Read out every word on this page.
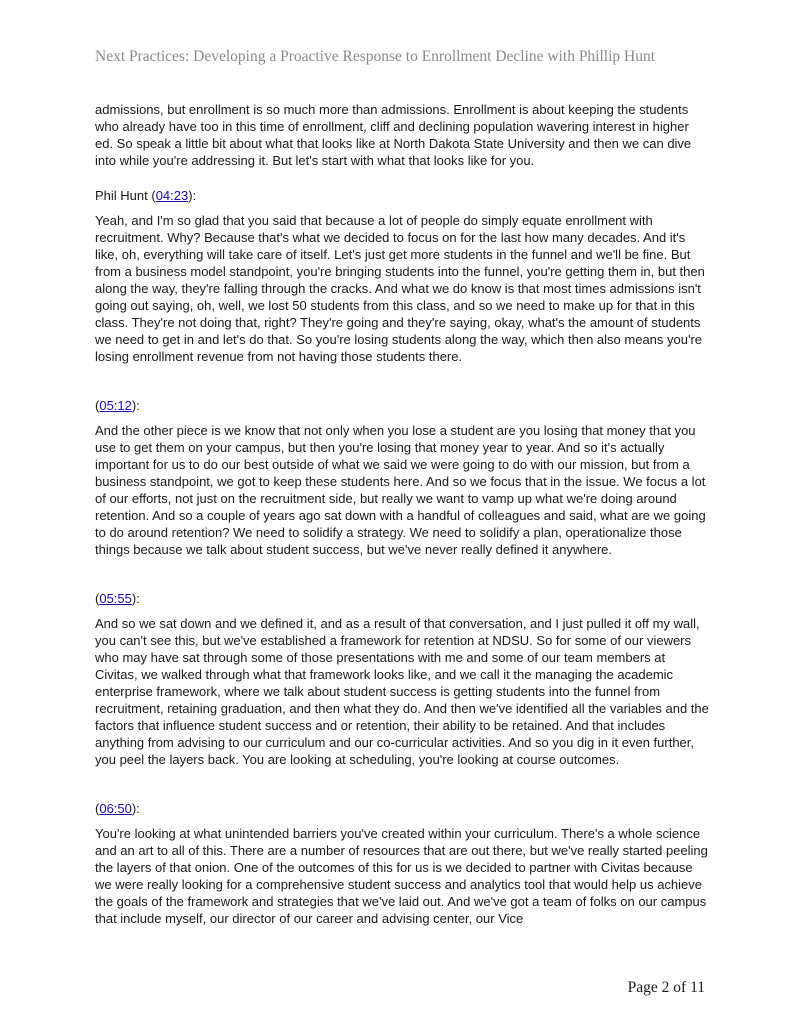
Next Practices: Developing a Proactive Response to Enrollment Decline with Phillip Hunt

admissions, but enrollment is so much more than admissions. Enrollment is about keeping the students who already have too in this time of enrollment, cliff and declining population wavering interest in higher ed. So speak a little bit about what that looks like at North Dakota State University and then we can dive into while you're addressing it. But let's start with what that looks like for you.

Phil Hunt (04:23):

Yeah, and I'm so glad that you said that because a lot of people do simply equate enrollment with recruitment. Why? Because that's what we decided to focus on for the last how many decades. And it's like, oh, everything will take care of itself. Let's just get more students in the funnel and we'll be fine. But from a business model standpoint, you're bringing students into the funnel, you're getting them in, but then along the way, they're falling through the cracks. And what we do know is that most times admissions isn't going out saying, oh, well, we lost 50 students from this class, and so we need to make up for that in this class. They're not doing that, right? They're going and they're saying, okay, what's the amount of students we need to get in and let's do that. So you're losing students along the way, which then also means you're losing enrollment revenue from not having those students there.

(05:12):

And the other piece is we know that not only when you lose a student are you losing that money that you use to get them on your campus, but then you're losing that money year to year. And so it's actually important for us to do our best outside of what we said we were going to do with our mission, but from a business standpoint, we got to keep these students here. And so we focus that in the issue. We focus a lot of our efforts, not just on the recruitment side, but really we want to vamp up what we're doing around retention. And so a couple of years ago sat down with a handful of colleagues and said, what are we going to do around retention? We need to solidify a strategy. We need to solidify a plan, operationalize those things because we talk about student success, but we've never really defined it anywhere.

(05:55):

And so we sat down and we defined it, and as a result of that conversation, and I just pulled it off my wall, you can't see this, but we've established a framework for retention at NDSU. So for some of our viewers who may have sat through some of those presentations with me and some of our team members at Civitas, we walked through what that framework looks like, and we call it the managing the academic enterprise framework, where we talk about student success is getting students into the funnel from recruitment, retaining graduation, and then what they do. And then we've identified all the variables and the factors that influence student success and or retention, their ability to be retained. And that includes anything from advising to our curriculum and our co-curricular activities. And so you dig in it even further, you peel the layers back. You are looking at scheduling, you're looking at course outcomes.

(06:50):

You're looking at what unintended barriers you've created within your curriculum. There's a whole science and an art to all of this. There are a number of resources that are out there, but we've really started peeling the layers of that onion. One of the outcomes of this for us is we decided to partner with Civitas because we were really looking for a comprehensive student success and analytics tool that would help us achieve the goals of the framework and strategies that we've laid out. And we've got a team of folks on our campus that include myself, our director of our career and advising center, our Vice

Page 2 of 11
